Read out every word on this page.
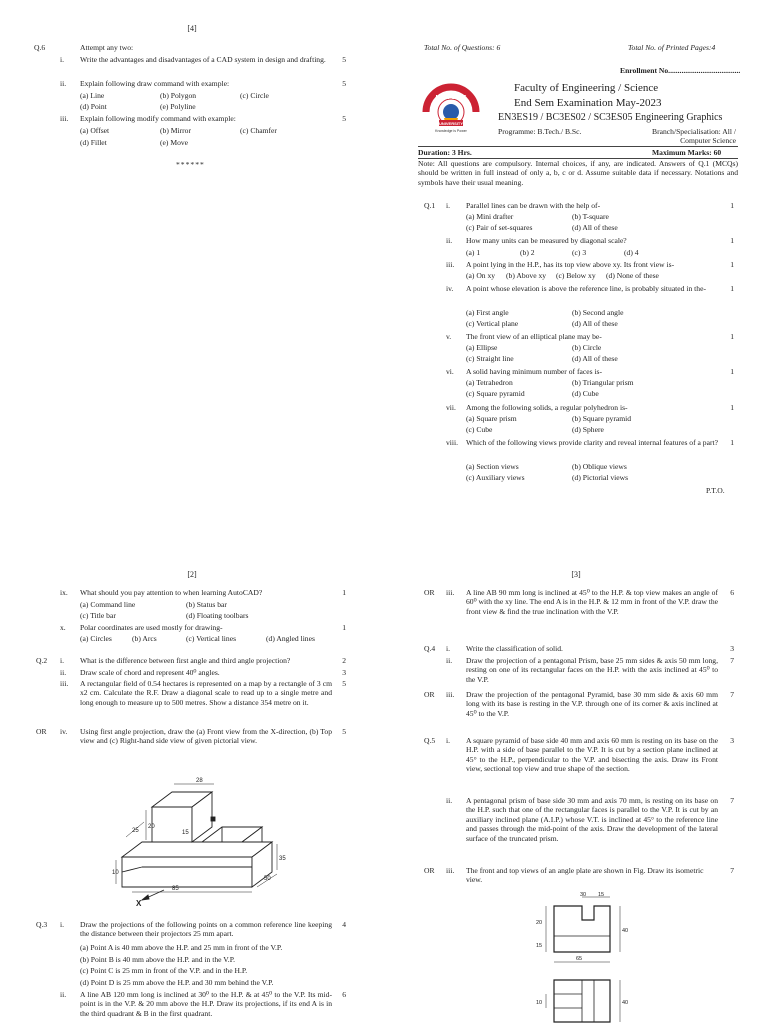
[4]
Q.6	Attempt any two:
i. Write the advantages and disadvantages of a CAD system in design and drafting.	5
ii. Explain following draw command with example:	5
(a) Line	(b) Polygon	(c) Circle
(d) Point	(e) Polyline
iii. Explain following modify command with example:	5
(a) Offset	(b) Mirror	(c) Chamfer
(d) Fillet	(e) Move
******
Total No. of Questions: 6	Total No. of Printed Pages:4
Enrollment No......................................
MEDI-CAPS
UNIVERSITY
Knowledge is Power
Faculty of Engineering / Science
End Sem Examination May-2023
EN3ES19 / BC3ES02 / SC3ES05 Engineering Graphics
Programme: B.Tech./ B.Sc.	Branch/Specialisation: All / Computer Science
Duration: 3 Hrs.	Maximum Marks: 60
Note: All questions are compulsory. Internal choices, if any, are indicated. Answers of Q.1 (MCQs) should be written in full instead of only a, b, c or d. Assume suitable data if necessary. Notations and symbols have their usual meaning.
Q.1 i. Parallel lines can be drawn with the help of-	1
(a) Mini drafter	(b) T-square
(c) Pair of set-squares	(d) All of these
ii. How many units can be measured by diagonal scale?	1
(a) 1	(b) 2	(c) 3	(d) 4
iii. A point lying in the H.P., has its top view above xy. Its front view is-	1
(a) On xy (b) Above xy (c) Below xy (d) None of these
iv. A point whose elevation is above the reference line, is probably situated in the-	1
(a) First angle	(b) Second angle
(c) Vertical plane	(d) All of these
v. The front view of an elliptical plane may be-	1
(a) Ellipse	(b) Circle
(c) Straight line	(d) All of these
vi. A solid having minimum number of faces is-	1
(a) Tetrahedron	(b) Triangular prism
(c) Square pyramid	(d) Cube
vii. Among the following solids, a regular polyhedron is-	1
(a) Square prism	(b) Square pyramid
(c) Cube	(d) Sphere
viii. Which of the following views provide clarity and reveal internal features of a part?	1
(a) Section views	(b) Oblique views
(c) Auxiliary views	(d) Pictorial views
P.T.O.
[2]
ix. What should you pay attention to when learning AutoCAD?	1
(a) Command line	(b) Status bar
(c) Title bar	(d) Floating toolbars
x. Polar coordinates are used mostly for drawing-	1
(a) Circles	(b) Arcs	(c) Vertical lines	(d) Angled lines
Q.2 i. What is the difference between first angle and third angle projection?	2
ii. Draw scale of chord and represent 40⁰ angles.	3
iii. A rectangular field of 0.54 hectares is represented on a map by a rectangle of 3 cm x2 cm. Calculate the R.F. Draw a diagonal scale to read up to a single metre and long enough to measure up to 500 metres. Show a distance 354 metre on it.
5
OR iv. Using first angle projection, draw the (a) Front view from the X-direction, (b) Top view and (c) Right-hand side view of given pictorial view.
5
28
25
20
35
15
85
50
10
X
Q.3 i. Draw the projections of the following points on a common reference line keeping the distance between their projectors 25 mm apart.
4
(a) Point A is 40 mm above the H.P. and 25 mm in front of the V.P.
(b) Point B is 40 mm above the H.P. and in the V.P.
(c) Point C is 25 mm in front of the V.P. and in the H.P.
(d) Point D is 25 mm above the H.P. and 30 mm behind the V.P.
ii. A line AB 120 mm long is inclined at 30⁰ to the H.P. & at 45⁰ to the V.P. Its mid-point is in the V.P. & 20 mm above the H.P. Draw its projections, if its end A is in the third quadrant & B in the first quadrant.
6
[3]
OR iii. A line AB 90 mm long is inclined at 45⁰ to the H.P. & top view makes an angle of 60⁰ with the xy line. The end A is in the H.P. & 12 mm in front of the V.P. draw the front view & find the true inclination with the V.P.
6
Q.4 i. Write the classification of solid.	3
ii. Draw the projection of a pentagonal Prism, base 25 mm sides & axis 50 mm long, resting on one of its rectangular faces on the H.P. with the axis inclined at 45⁰ to the V.P.
7
OR iii. Draw the projection of the pentagonal Pyramid, base 30 mm side & axis 60 mm long with its base is resting in the V.P. through one of its corner & axis inclined at 45⁰ to the V.P.
7
Q.5 i. A square pyramid of base side 40 mm and axis 60 mm is resting on its base on the H.P. with a side of base parallel to the V.P. It is cut by a section plane inclined at 45° to the H.P., perpendicular to the V.P. and bisecting the axis. Draw its Front view, sectional top view and true shape of the section.
3
ii. A pentagonal prism of base side 30 mm and axis 70 mm, is resting on its base on the H.P. such that one of the rectangular faces is parallel to the V.P. It is cut by an auxiliary inclined plane (A.I.P.) whose V.T. is inclined at 45° to the reference line and passes through the mid-point of the axis. Draw the development of the lateral surface of the truncated prism.
7
OR iii. The front and top views of an angle plate are shown in Fig. Draw its isometric view.
7
30 15
20
15
40
65
10	40
